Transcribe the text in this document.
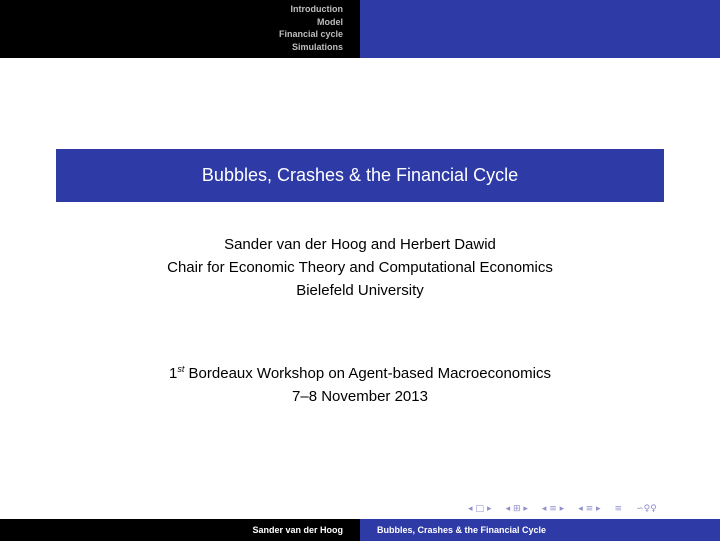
Introduction
Model
Financial cycle
Simulations
Bubbles, Crashes & the Financial Cycle
Sander van der Hoog and Herbert Dawid
Chair for Economic Theory and Computational Economics
Bielefeld University
1st Bordeaux Workshop on Agent-based Macroeconomics
7–8 November 2013
◂ □ ▸ ◂ ⊞ ▸ ◂ ≡ ▸ ◂ ≡ ▸ ≡ ∽♀♀
Sander van der Hoog	Bubbles, Crashes & the Financial Cycle
